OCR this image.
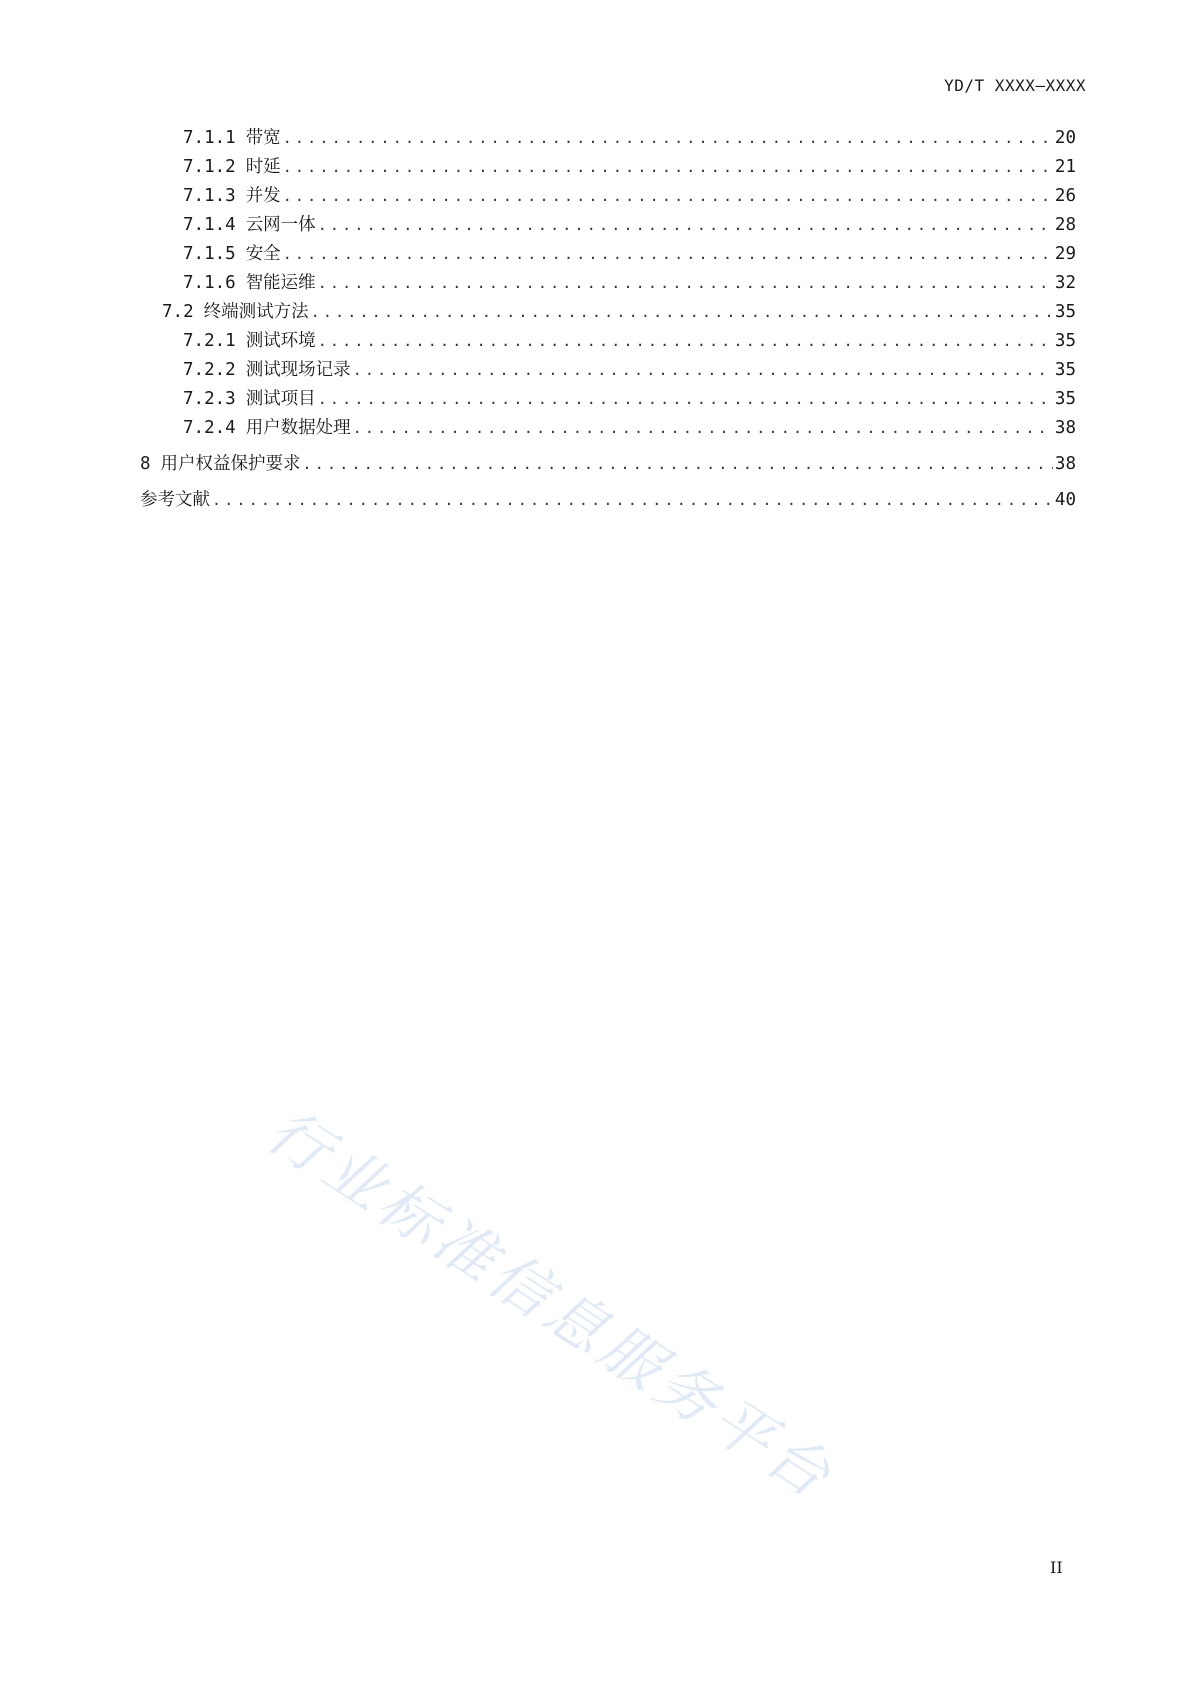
YD/T XXXX—XXXX
7.1.1 带宽 .....	20
7.1.2 时延 .....	21
7.1.3 并发 .....	26
7.1.4 云网一体 .....	28
7.1.5 安全 .....	29
7.1.6 智能运维 .....	32
7.2 终端测试方法 .....	35
7.2.1 测试环境 .....	35
7.2.2 测试现场记录 .....	35
7.2.3 测试项目 .....	35
7.2.4 用户数据处理 .....	38
8 用户权益保护要求 .....	38
参考文献 .....	40
行业标准信息服务平台
II
